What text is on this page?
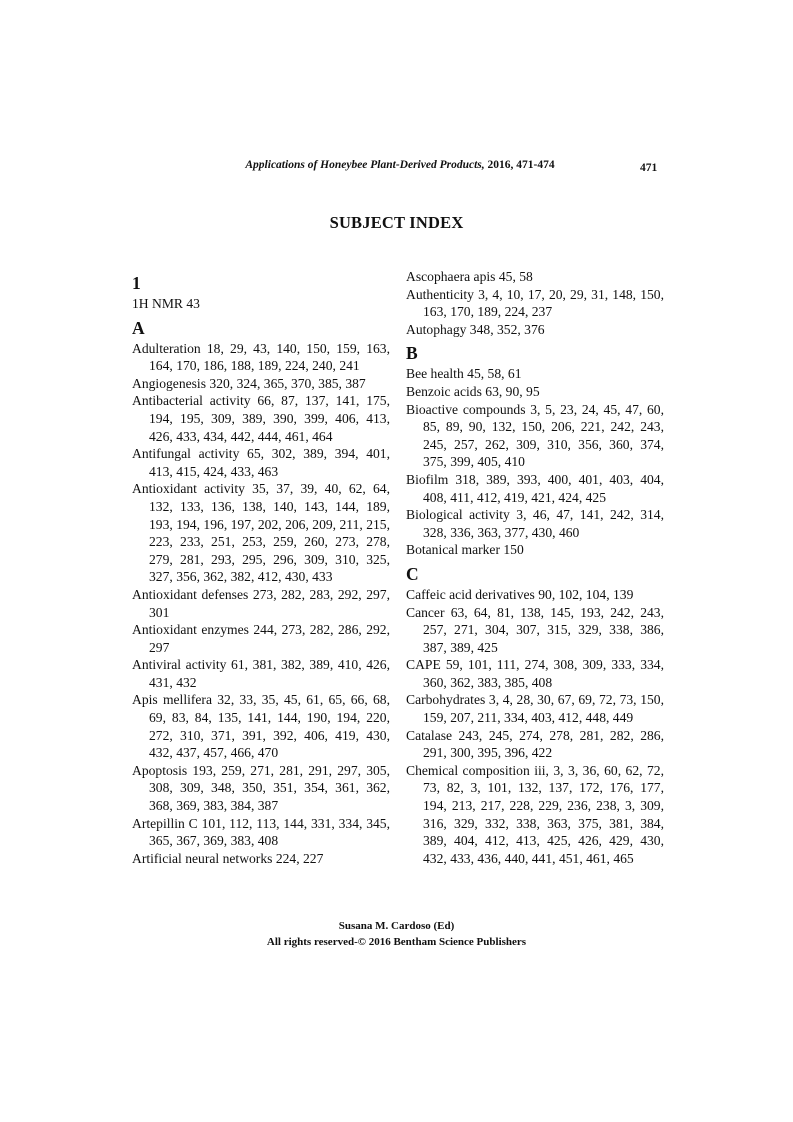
Applications of Honeybee Plant-Derived Products, 2016, 471-474	471
SUBJECT INDEX
1
1H NMR 43
A
Adulteration 18, 29, 43, 140, 150, 159, 163, 164, 170, 186, 188, 189, 224, 240, 241
Angiogenesis 320, 324, 365, 370, 385, 387
Antibacterial activity 66, 87, 137, 141, 175, 194, 195, 309, 389, 390, 399, 406, 413, 426, 433, 434, 442, 444, 461, 464
Antifungal activity 65, 302, 389, 394, 401, 413, 415, 424, 433, 463
Antioxidant activity 35, 37, 39, 40, 62, 64, 132, 133, 136, 138, 140, 143, 144, 189, 193, 194, 196, 197, 202, 206, 209, 211, 215, 223, 233, 251, 253, 259, 260, 273, 278, 279, 281, 293, 295, 296, 309, 310, 325, 327, 356, 362, 382, 412, 430, 433
Antioxidant defenses 273, 282, 283, 292, 297, 301
Antioxidant enzymes 244, 273, 282, 286, 292, 297
Antiviral activity 61, 381, 382, 389, 410, 426, 431, 432
Apis mellifera 32, 33, 35, 45, 61, 65, 66, 68, 69, 83, 84, 135, 141, 144, 190, 194, 220, 272, 310, 371, 391, 392, 406, 419, 430, 432, 437, 457, 466, 470
Apoptosis 193, 259, 271, 281, 291, 297, 305, 308, 309, 348, 350, 351, 354, 361, 362, 368, 369, 383, 384, 387
Artepillin C 101, 112, 113, 144, 331, 334, 345, 365, 367, 369, 383, 408
Artificial neural networks 224, 227
Ascophaera apis 45, 58
Authenticity 3, 4, 10, 17, 20, 29, 31, 148, 150, 163, 170, 189, 224, 237
Autophagy 348, 352, 376
B
Bee health 45, 58, 61
Benzoic acids 63, 90, 95
Bioactive compounds 3, 5, 23, 24, 45, 47, 60, 85, 89, 90, 132, 150, 206, 221, 242, 243, 245, 257, 262, 309, 310, 356, 360, 374, 375, 399, 405, 410
Biofilm 318, 389, 393, 400, 401, 403, 404, 408, 411, 412, 419, 421, 424, 425
Biological activity 3, 46, 47, 141, 242, 314, 328, 336, 363, 377, 430, 460
Botanical marker 150
C
Caffeic acid derivatives 90, 102, 104, 139
Cancer 63, 64, 81, 138, 145, 193, 242, 243, 257, 271, 304, 307, 315, 329, 338, 386, 387, 389, 425
CAPE 59, 101, 111, 274, 308, 309, 333, 334, 360, 362, 383, 385, 408
Carbohydrates 3, 4, 28, 30, 67, 69, 72, 73, 150, 159, 207, 211, 334, 403, 412, 448, 449
Catalase 243, 245, 274, 278, 281, 282, 286, 291, 300, 395, 396, 422
Chemical composition iii, 3, 3, 36, 60, 62, 72, 73, 82, 3, 101, 132, 137, 172, 176, 177, 194, 213, 217, 228, 229, 236, 238, 3, 309, 316, 329, 332, 338, 363, 375, 381, 384, 389, 404, 412, 413, 425, 426, 429, 430, 432, 433, 436, 440, 441, 451, 461, 465
Susana M. Cardoso (Ed)
All rights reserved-© 2016 Bentham Science Publishers
